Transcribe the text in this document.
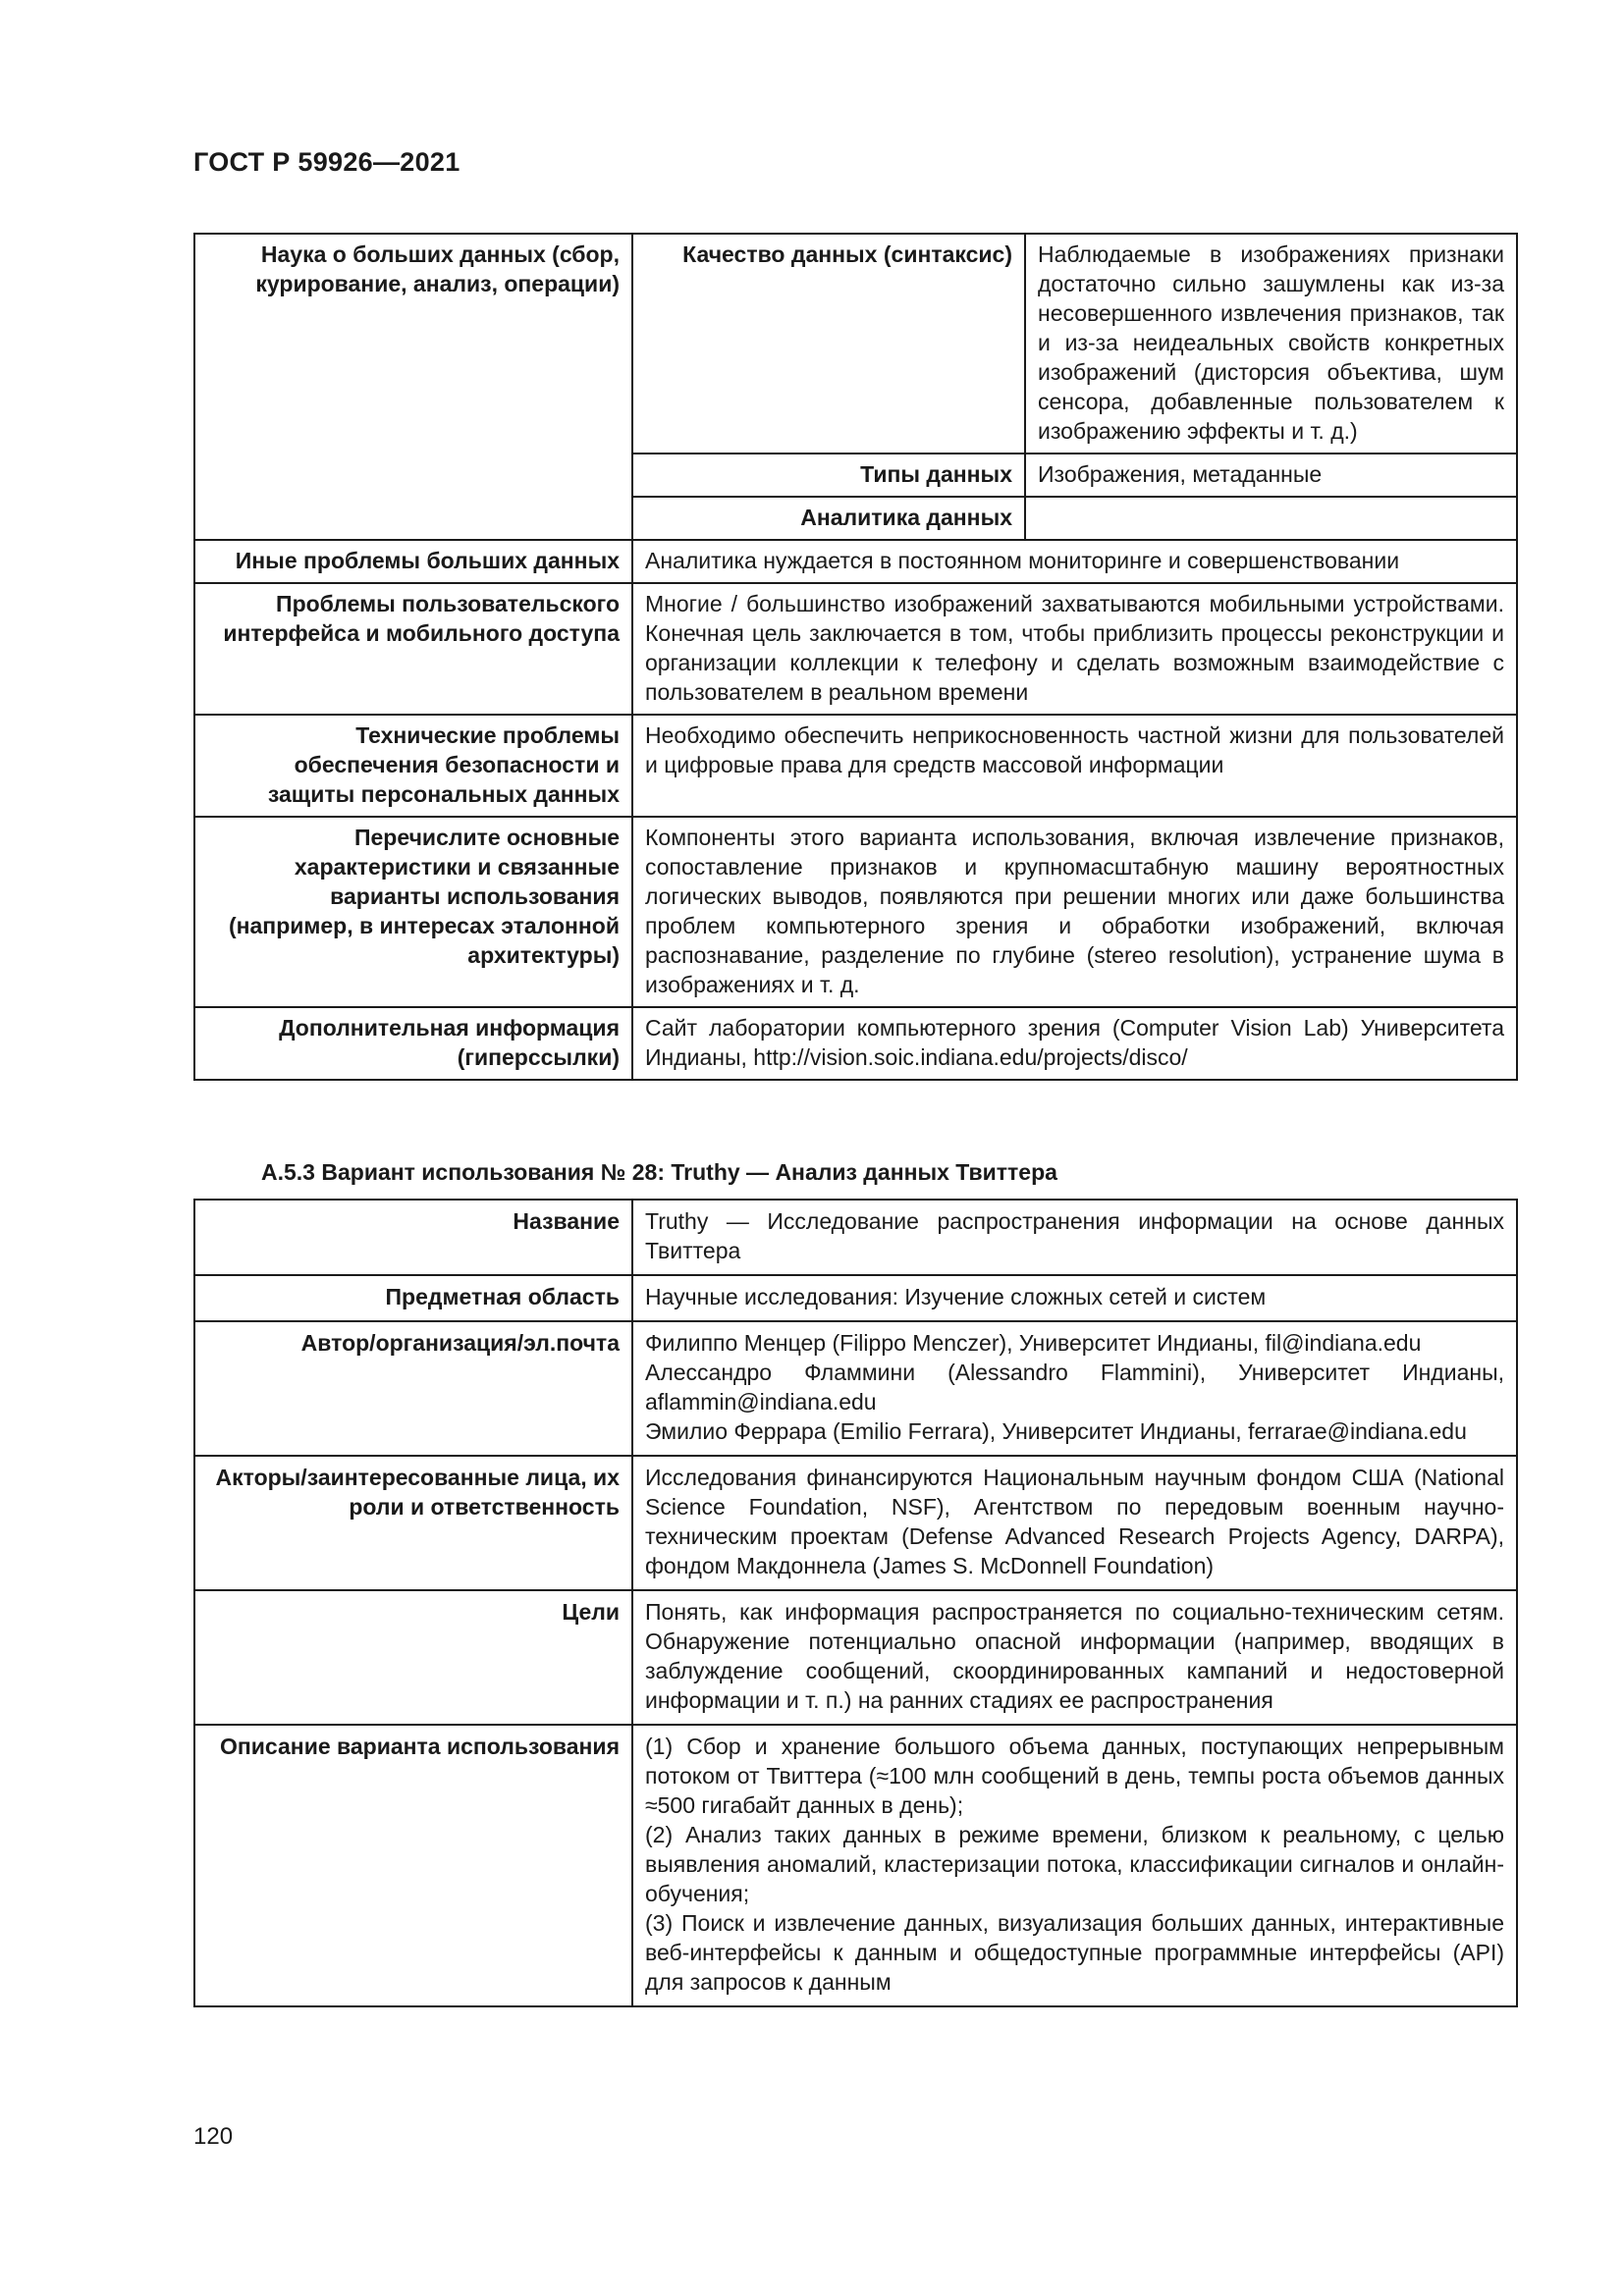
ГОСТ Р 59926—2021
Наука о больших данных (сбор, курирование, анализ, операции)	Качество данных (синтаксис)	Наблюдаемые в изображениях признаки достаточно сильно зашумлены как из-за несовершенного извлечения признаков, так и из-за неидеальных свойств конкретных изображений (дисторсия объектива, шум сенсора, добавленные пользователем к изображению эффекты и т. д.)
	Типы данных	Изображения, метаданные
	Аналитика данных	
Иные проблемы больших данных	Аналитика нуждается в постоянном мониторинге и совершенствовании	
Проблемы пользовательского интерфейса и мобильного доступа	Многие / большинство изображений захватываются мобильными устройствами. Конечная цель заключается в том, чтобы приблизить процессы реконструкции и организации коллекции к телефону и сделать возможным взаимодействие с пользователем в реальном времени	
Технические проблемы обеспечения безопасности и защиты персональных данных	Необходимо обеспечить неприкосновенность частной жизни для пользователей и цифровые права для средств массовой информации	
Перечислите основные характеристики и связанные варианты использования (например, в интересах эталонной архитектуры)	Компоненты этого варианта использования, включая извлечение признаков, сопоставление признаков и крупномасштабную машину вероятностных логических выводов, появляются при решении многих или даже большинства проблем компьютерного зрения и обработки изображений, включая распознавание, разделение по глубине (stereo resolution), устранение шума в изображениях и т. д.	
Дополнительная информация (гиперссылки)	Сайт лаборатории компьютерного зрения (Computer Vision Lab) Университета Индианы, http://vision.soic.indiana.edu/projects/disco/	
А.5.3 Вариант использования № 28: Truthy — Анализ данных Твиттера
Название	Truthy — Исследование распространения информации на основе данных Твиттера

Предметная область	Научные исследования: Изучение сложных сетей и систем

Автор/организация/эл.почта	Филиппо Менцер (Filippo Menczer), Университет Индианы, fil@indiana.edu
Алессандро Фламмини (Alessandro Flammini), Университет Индианы, aflammin@indiana.edu
Эмилио Феррара (Emilio Ferrara), Университет Индианы, ferrarae@indiana.edu

Акторы/заинтересованные лица, их роли и ответственность	Исследования финансируются Национальным научным фондом США (National Science Foundation, NSF), Агентством по передовым военным научно-техническим проектам (Defense Advanced Research Projects Agency, DARPA), фондом Макдоннела (James S. McDonnell Foundation)

Цели	Понять, как информация распространяется по социально-техническим сетям. Обнаружение потенциально опасной информации (например, вводящих в заблуждение сообщений, скоординированных кампаний и недостоверной информации и т. п.) на ранних стадиях ее распространения

Описание варианта использования	(1) Сбор и хранение большого объема данных, поступающих непрерывным потоком от Твиттера (≈100 млн сообщений в день, темпы роста объемов данных ≈500 гигабайт данных в день);
(2) Анализ таких данных в режиме времени, близком к реальному, с целью выявления аномалий, кластеризации потока, классификации сигналов и онлайн-обучения;
(3) Поиск и извлечение данных, визуализация больших данных, интерактивные веб-интерфейсы к данным и общедоступные программные интерфейсы (API) для запросов к данным
120
